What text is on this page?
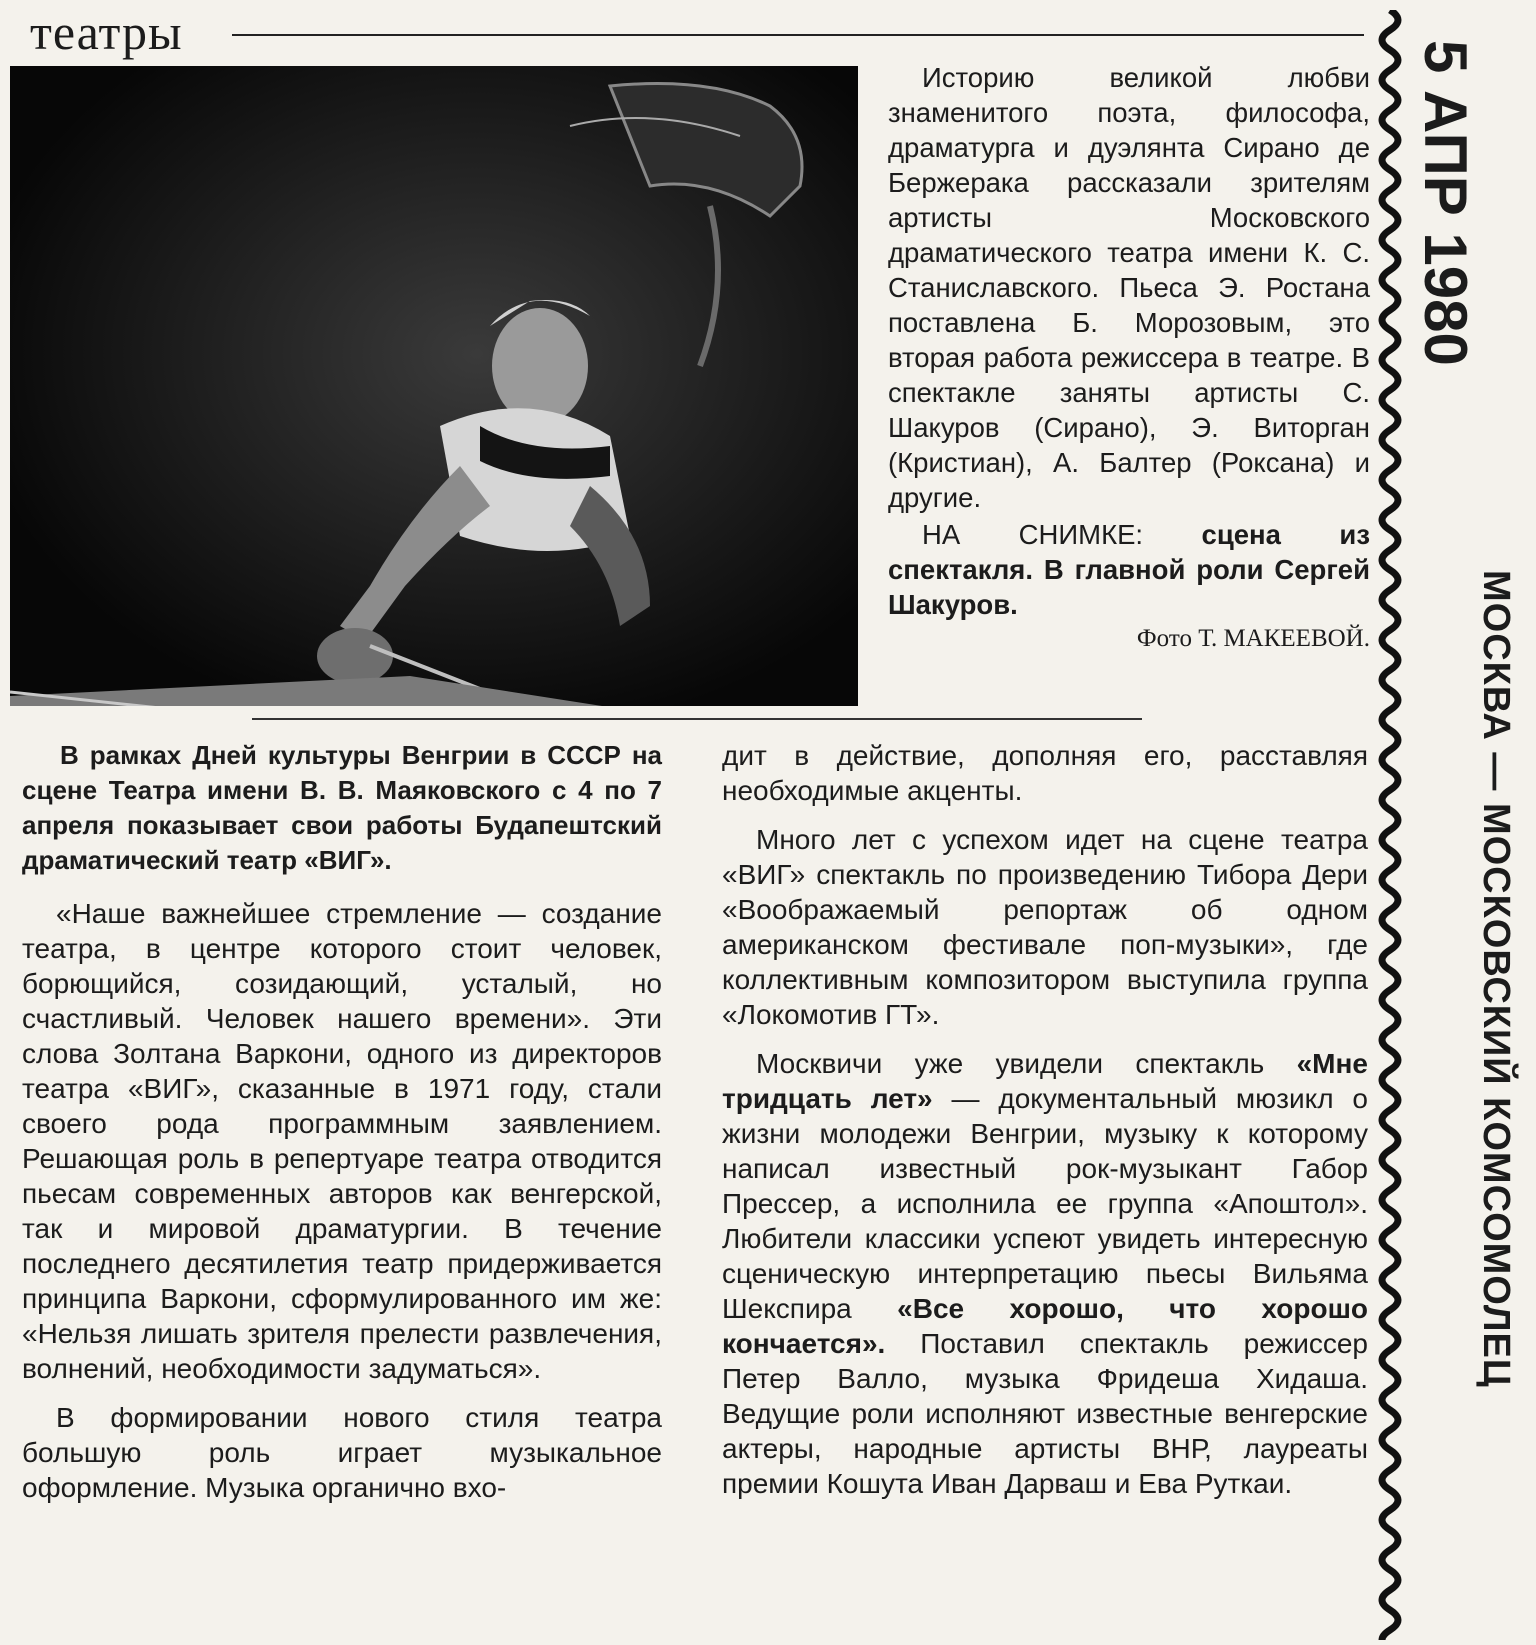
театры

Историю великой любви знаменитого поэта, философа, драматурга и дуэлянта Сирано де Бержерака рассказали зрителям артисты Московского драматического театра имени К. С. Станиславского. Пьеса Э. Ростана поставлена Б. Морозовым, это вторая работа режиссера в театре. В спектакле заняты артисты С. Шакуров (Сирано), Э. Виторган (Кристиан), А. Балтер (Роксана) и другие.

НА СНИМКЕ: сцена из спектакля. В главной роли Сергей Шакуров.

Фото Т. МАКЕЕВОЙ.

В рамках Дней культуры Венгрии в СССР на сцене Театра имени В. В. Маяковского с 4 по 7 апреля показывает свои работы Будапештский драматический театр «ВИГ».

«Наше важнейшее стремление — создание театра, в центре которого стоит человек, борющийся, созидающий, усталый, но счастливый. Человек нашего времени». Эти слова Золтана Варкони, одного из директоров театра «ВИГ», сказанные в 1971 году, стали своего рода программным заявлением. Решающая роль в репертуаре театра отводится пьесам современных авторов как венгерской, так и мировой драматургии. В течение последнего десятилетия театр придерживается принципа Варкони, сформулированного им же: «Нельзя лишать зрителя прелести развлечения, волнений, необходимости задуматься».

В формировании нового стиля театра большую роль играет музыкальное оформление. Музыка органично вхо-

дит в действие, дополняя его, расставляя необходимые акценты.

Много лет с успехом идет на сцене театра «ВИГ» спектакль по произведению Тибора Дери «Воображаемый репортаж об одном американском фестивале поп-музыки», где коллективным композитором выступила группа «Локомотив ГТ».

Москвичи уже увидели спектакль «Мне тридцать лет» — документальный мюзикл о жизни молодежи Венгрии, музыку к которому написал известный рок-музыкант Габор Прессер, а исполнила ее группа «Апоштол». Любители классики успеют увидеть интересную сценическую интерпретацию пьесы Вильяма Шекспира «Все хорошо, что хорошо кончается». Поставил спектакль режиссер Петер Валло, музыка Фридеша Хидаша. Ведущие роли исполняют известные венгерские актеры, народные артисты ВНР, лауреаты премии Кошута Иван Дарваш и Ева Руткаи.

5 АПР 1980
МОСКВА — МОСКОВСКИЙ КОМСОМОЛЕЦ
